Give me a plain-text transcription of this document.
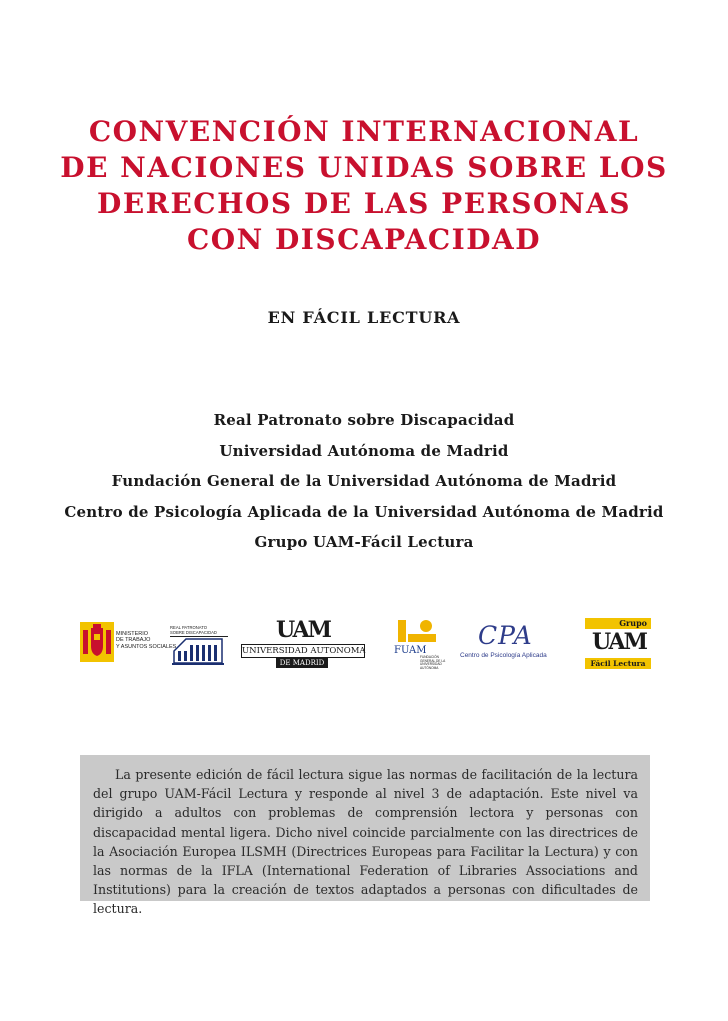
CONVENCIÓN INTERNACIONAL
DE NACIONES UNIDAS SOBRE LOS
DERECHOS DE LAS PERSONAS
CON DISCAPACIDAD
EN FÁCIL LECTURA
Real Patronato sobre Discapacidad
Universidad Autónoma de Madrid
Fundación General de la Universidad Autónoma de Madrid
Centro de Psicología Aplicada de la Universidad Autónoma de Madrid
Grupo UAM-Fácil Lectura
MINISTERIO
DE TRABAJO
Y ASUNTOS SOCIALES
REAL PATRONATO
SOBRE DISCAPACIDAD	UAM
UNIVERSIDAD AUTONOMA
DE MADRID
FUAM
FUNDACIÓN
GENERAL DE LA
UNIVERSIDAD
AUTÓNOMA
CPA
Centro de Psicología Aplicada
Grupo
UAM
Fácil Lectura

La presente edición de fácil lectura sigue las normas de facilitación de la lectura del grupo UAM-Fácil Lectura y responde al nivel 3 de adaptación. Este nivel va dirigido a adultos con problemas de comprensión lectora y personas con discapacidad mental ligera. Dicho nivel coincide parcialmente con las directrices de la Asociación Europea ILSMH (Directrices Europeas para Facilitar la Lectura) y con las normas de la IFLA (International Federation of Libraries Associations and Institutions) para la creación de textos adaptados a personas con dificultades de lectura.
